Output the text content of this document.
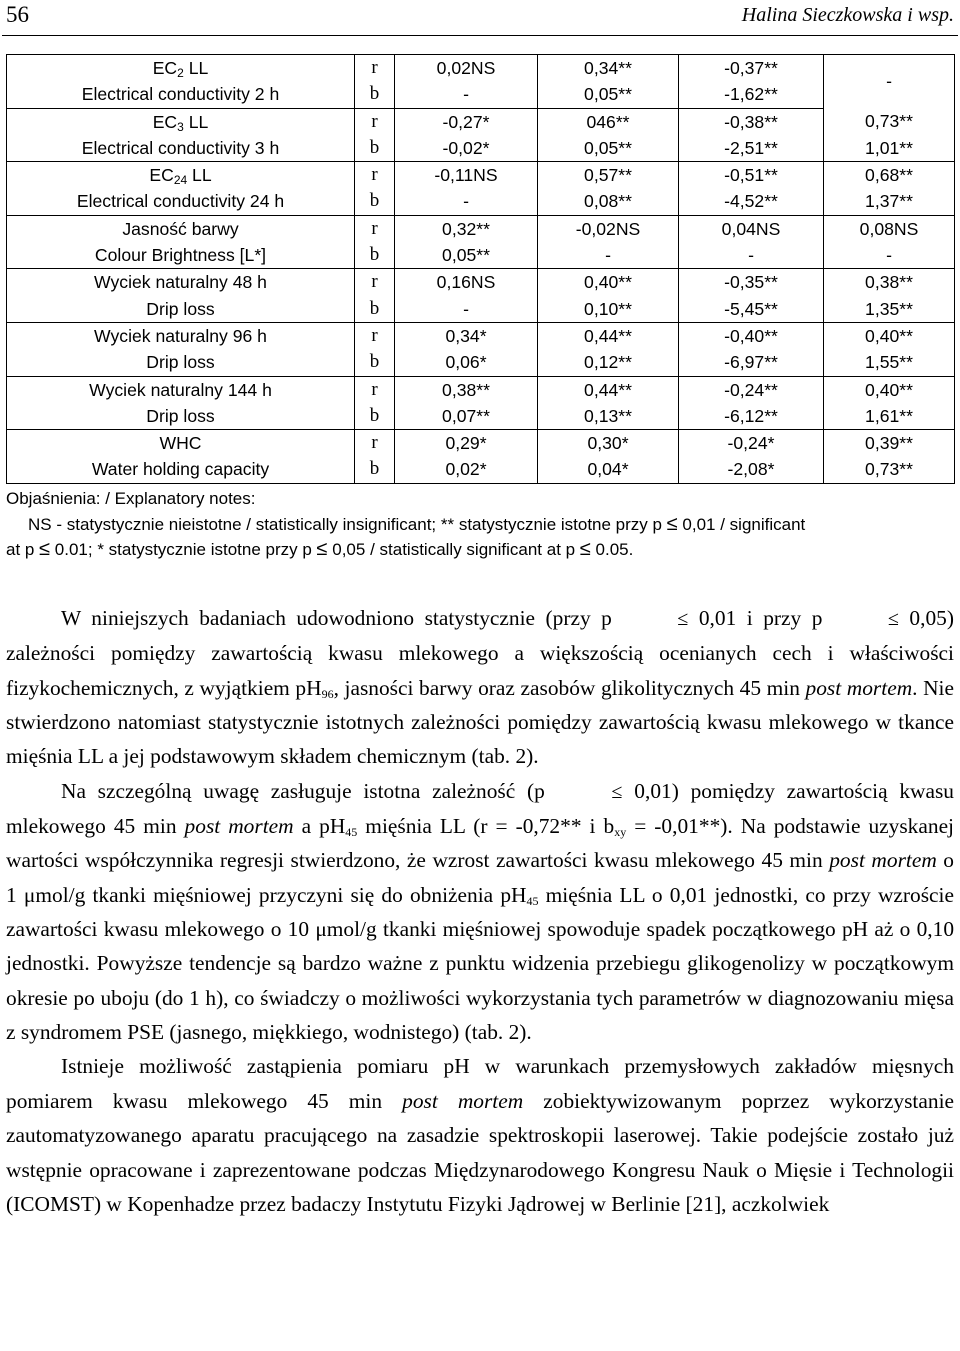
56	Halina Sieczkowska i wsp.
$EC_2$ LL	r	0,02NS	0,34**	-0,37**	-
Electrical conductivity 2 h	b	-	0,05**	-1,62**	
$EC_3$ LL	r	-0,27*	046**	-0,38**	0,73**
Electrical conductivity 3 h	b	-0,02*	0,05**	-2,51**	1,01**
$EC_{24}$ LL	r	-0,11NS	0,57**	-0,51**	0,68**
Electrical conductivity 24 h	b	-	0,08**	-4,52**	1,37**
Jasność barwy	r	0,32**	-0,02NS	0,04NS	0,08NS
Colour Brightness [L*]	b	0,05**	-	-	-
Wyciek naturalny 48 h	r	0,16NS	0,40**	-0,35**	0,38**
Drip loss	b	-	0,10**	-5,45**	1,35**
Wyciek naturalny 96 h	r	0,34*	0,44**	-0,40**	0,40**
Drip loss	b	0,06*	0,12**	-6,97**	1,55**
Wyciek naturalny 144 h	r	0,38**	0,44**	-0,24**	0,40**
Drip loss	b	0,07**	0,13**	-6,12**	1,61**
WHC	r	0,29*	0,30*	-0,24*	0,39**
Water holding capacity	b	0,02*	0,04*	-2,08*	0,73**
Objaśnienia: / Explanatory notes:
NS - statystycznie nieistotne / statistically insignificant; ** statystycznie istotne przy p ≤ 0,01 / significant
at p ≤ 0.01; * statystycznie istotne przy p ≤ 0,05 / statistically significant at p ≤ 0.05.

W niniejszych badaniach udowodniono statystycznie (przy p	≤ 0,01 i przy p	≤ 0,05) zależności pomiędzy zawartością kwasu mlekowego a większością ocenianych cech i właściwości fizykochemicznych, z wyjątkiem $pH_{96}$, jasności barwy oraz zasobów glikolitycznych 45 min post mortem. Nie stwierdzono natomiast statystycznie istotnych zależności pomiędzy zawartością kwasu mlekowego w tkance mięśnia LL a jej podstawowym składem chemicznym (tab. 2).

Na szczególną uwagę zasługuje istotna zależność (p	≤ 0,01) pomiędzy zawartością kwasu mlekowego 45 min post mortem a $pH_{45}$ mięśnia LL (r = -0,72** i $b_{xy} = -0,01**$). Na podstawie uzyskanej wartości współczynnika regresji stwierdzono, że wzrost zawartości kwasu mlekowego 45 min post mortem o 1 μmol/g tkanki mięśniowej przyczyni się do obniżenia $pH_{45}$ mięśnia LL o 0,01 jednostki, co przy wzroście zawartości kwasu mlekowego o 10 μmol/g tkanki mięśniowej spowoduje spadek początkowego pH aż o 0,10 jednostki. Powyższe tendencje są bardzo ważne z punktu widzenia przebiegu glikogenolizy w początkowym okresie po uboju (do 1 h), co świadczy o możliwości wykorzystania tych parametrów w diagnozowaniu mięsa z syndromem PSE (jasnego, miękkiego, wodnistego) (tab. 2).

Istnieje możliwość zastąpienia pomiaru pH w warunkach przemysłowych zakładów mięsnych pomiarem kwasu mlekowego 45 min post mortem zobiektywizowanym poprzez wykorzystanie zautomatyzowanego aparatu pracującego na zasadzie spektroskopii laserowej. Takie podejście zostało już wstępnie opracowane i zaprezentowane podczas Międzynarodowego Kongresu Nauk o Mięsie i Technologii (ICOMST) w Kopenhadze przez badaczy Instytutu Fizyki Jądrowej w Berlinie [21], aczkolwiek
